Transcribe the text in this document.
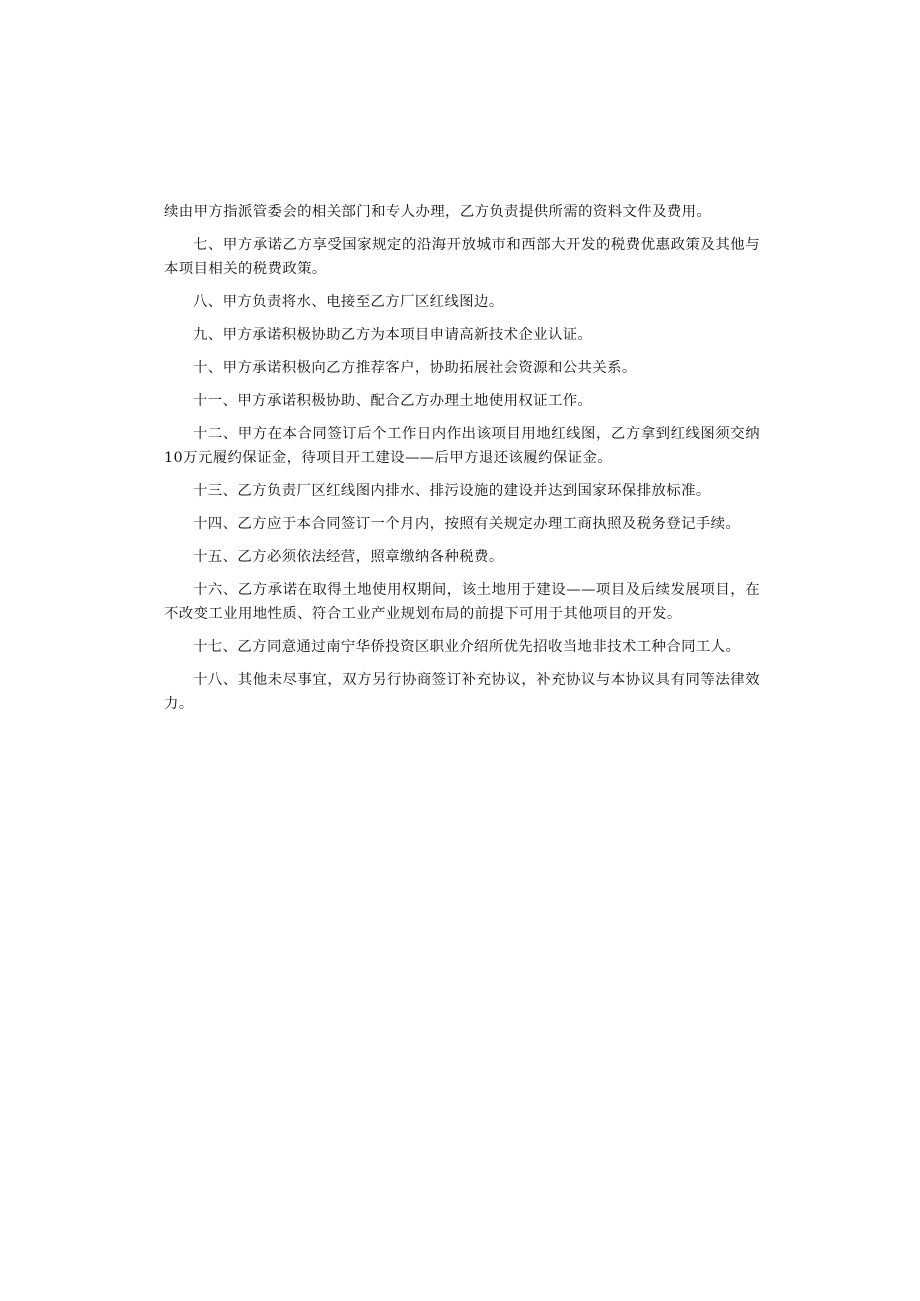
续由甲方指派管委会的相关部门和专人办理，乙方负责提供所需的资料文件及费用。

七、甲方承诺乙方享受国家规定的沿海开放城市和西部大开发的税费优惠政策及其他与本项目相关的税费政策。

八、甲方负责将水、电接至乙方厂区红线图边。

九、甲方承诺积极协助乙方为本项目申请高新技术企业认证。

十、甲方承诺积极向乙方推荐客户，协助拓展社会资源和公共关系。

十一、甲方承诺积极协助、配合乙方办理土地使用权证工作。

十二、甲方在本合同签订后个工作日内作出该项目用地红线图，乙方拿到红线图须交纳10万元履约保证金，待项目开工建设——后甲方退还该履约保证金。

十三、乙方负责厂区红线图内排水、排污设施的建设并达到国家环保排放标准。

十四、乙方应于本合同签订一个月内，按照有关规定办理工商执照及税务登记手续。

十五、乙方必须依法经营，照章缴纳各种税费。

十六、乙方承诺在取得土地使用权期间，该土地用于建设——项目及后续发展项目，在不改变工业用地性质、符合工业产业规划布局的前提下可用于其他项目的开发。

十七、乙方同意通过南宁华侨投资区职业介绍所优先招收当地非技术工种合同工人。

十八、其他未尽事宜，双方另行协商签订补充协议，补充协议与本协议具有同等法律效力。
